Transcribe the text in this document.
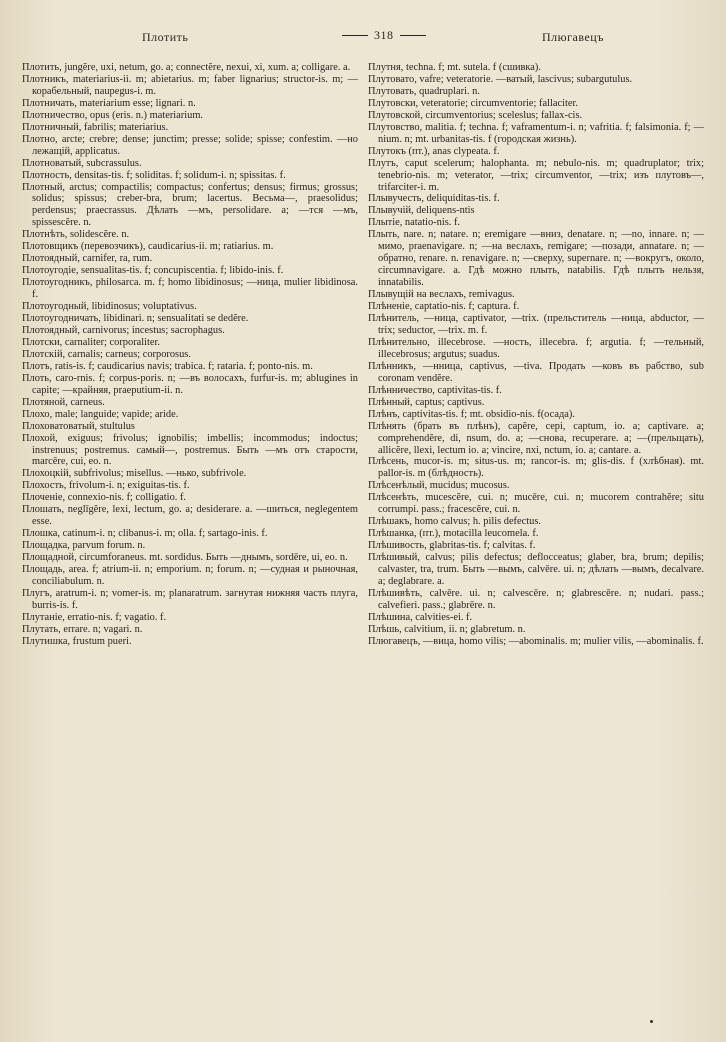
Плотить	318	Плюгавецъ

Плотить, jungĕre, uxi, netum, go. a; connectĕre, nexui, xi, xum. a; colligare. a.

Плотникъ, materiarius-ii. m; abietarius. m; faber lignarius; structor-is. m; —корабельный, naupegus-i. m.

Плотничать, materiarium esse; lignari. n.

Плотничество, opus (eris. n.) materiarium.

Плотничный, fabrilis; materiarius.

Плотно, arcte; crebre; dense; junctim; presse; solide; spisse; confestim. —но лежащій, applicatus.

Плотноватый, subcrassulus.

Плотность, densitas-tis. f; soliditas. f; solidum-i. n; spissitas. f.

Плотный, arctus; compactilis; compactus; confertus; densus; firmus; grossus; solidus; spissus; creber-bra, brum; lacertus. Весьма—, praesolidus; perdensus; praecrassus. Дѣлать —мъ, persolidare. a; —тся —мъ, spissescĕre. n.

Плотнѣть, solidescĕre. n.

Плотовщикъ (перевозчикъ), caudicarius-ii. m; ratiarius. m.

Плотоядный, carnifer, ra, rum.

Плотоугодіе, sensualitas-tis. f; concupiscentia. f; libido-inis. f.

Плотоугодникъ, philosarca. m. f; homo libidinosus; —ница, mulier libidinosa. f.

Плотоугодный, libidinosus; voluptativus.

Плотоугодничать, libidinari. n; sensualitati se dedĕre.

Плотоядный, carnivorus; incestus; sacrophagus.

Плотски, carnaliter; corporaliter.

Плотскій, carnalis; carneus; corporosus.

Плотъ, ratis-is. f; caudicarius navis; trabica. f; rataria. f; ponto-nis. m.

Плоть, caro-rnis. f; corpus-poris. n; —въ волосахъ, furfur-is. m; ablugines in capite; —крайняя, praeputium-ii. n.

Плотяной, carneus.

Плохо, male; languide; vapide; aride.

Плоховатоватый, stultulus

Плохой, exiguus; frivolus; ignobilis; imbellis; incommodus; indoctus; instrenuus; postremus. самый—, postremus. Быть —мъ отъ старости, marcēre, cui, eo. n.

Плохоцкій, subfrivolus; misellus. —нько, subfrivole.

Плохость, frivolum-i. n; exiguitas-tis. f.

Плоченіе, connexio-nis. f; colligatio. f.

Плошать, neglīgĕre, lexi, lectum, go. a; desiderare. a. —шиться, neglegentem esse.

Плошка, catinum-i. n; clibanus-i. m; olla. f; sartago-inis. f.

Площадка, parvum forum. n.

Площадной, circumforaneus. mt. sordidus. Быть —днымъ, sordēre, ui, eo. n.

Площадь, area. f; atrium-ii. n; emporium. n; forum. n; —судная и рыночная, conciliabulum. n.

Плугъ, aratrum-i. n; vomer-is. m; planaratrum. загнутая нижняя часть плуга, burris-is. f.

Плутаніе, erratio-nis. f; vagatio. f.

Плутать, errare. n; vagari. n.

Плутишка, frustum pueri.

Плутня, techna. f; mt. sutela. f (сшивка).

Плутовато, vafre; veteratorie. —ватый, lascivus; subargutulus.

Плутовать, quadruplari. n.

Плутовски, veteratorie; circumventorie; fallaciter.

Плутовской, circumventorius; sceleslus; fallax-cis.

Плутовство, malitia. f; techna. f; vaframentum-i. n; vafritia. f; falsimonia. f; —nium. n; mt. urbanitas-tis. f (городская жизнь).

Плутокъ (пт.), anas clypeata. f.

Плутъ, caput scelerum; halophanta. m; nebulo-nis. m; quadruplator; trix; tenebrio-nis. m; veterator, —trix; circumventor, —trix; изъ плутовъ—, trifarciter-i. m.

Плывучесть, deliquiditas-tis. f.

Плывучій, deliquens-ntis

Плытіе, natatio-nis. f.

Плыть, nare. n; natare. n; eremigare —вниз, denatare. n; —no, innare. n; —мимо, praenavigare. n; —на веслахъ, remigare; —позади, annatare. n; —обратно, renare. n. renavigare. n; —сверху, supernare. n; —вокругъ, около, circumnavigare. a. Гдѣ можно плыть, natabilis. Гдѣ плыть нельзя, innatabilis.

Плывущій на веслахъ, remivagus.

Плѣненіе, captatio-nis. f; captura. f.

Плѣнитель, —ница, captivator, —trix. (прельститель —ница, abductor, —trix; seductor, —trix. m. f.

Плѣнительно, illecebrose. —ность, illecebra. f; argutia. f; —тельный, illecebrosus; argutus; suadus.

Плѣнникъ, —нница, captivus, —tiva. Продать —ковъ въ рабство, sub coronam vendĕre.

Плѣнничество, captivitas-tis. f.

Плѣнный, captus; captivus.

Плѣнъ, captivitas-tis. f; mt. obsidio-nis. f(осада).

Плѣнять (брать въ плѣнъ), capĕre, cepi, captum, io. a; captivare. a; comprehendĕre, di, nsum, do. a; —снова, recuperare. a; —(прельщать), allicĕre, llexi, lectum io. a; vincire, nxi, nctum, io. a; cantare. a.

Плѣсень, mucor-is. m; situs-us. m; rancor-is. m; glis-dis. f (хлѣбная). mt. pallor-is. m (блѣдность).

Плѣсенѣлый, mucidus; mucosus.

Плѣсенѣть, mucescĕre, cui. n; mucēre, cui. n; mucorem contrahĕre; situ corrumpi. pass.; fracescĕre, cui. n.

Плѣшакъ, homo calvus; h. pilis defectus.

Плѣшанка, (пт.), motacilla leucomela. f.

Плѣшивость, glabritas-tis. f; calvitas. f.

Плѣшивый, calvus; pilis defectus; deflocceatus; glaber, bra, brum; depilis; calvaster, tra, trum. Быть —вымъ, calvēre. ui. n; дѣлать —вымъ, decalvare. a; deglabrare. a.

Плѣшивѣть, calvēre. ui. n; calvescēre. n; glabrescēre. n; nudari. pass.; calvefieri. pass.; glabrēre. n.

Плѣшина, calvities-ei. f.

Плѣшь, calvitium, ii. n; glabretum. n.

Плюгавецъ, —вица, homo vilis; —abominalis. m; mulier vilis, —abominalis. f.
